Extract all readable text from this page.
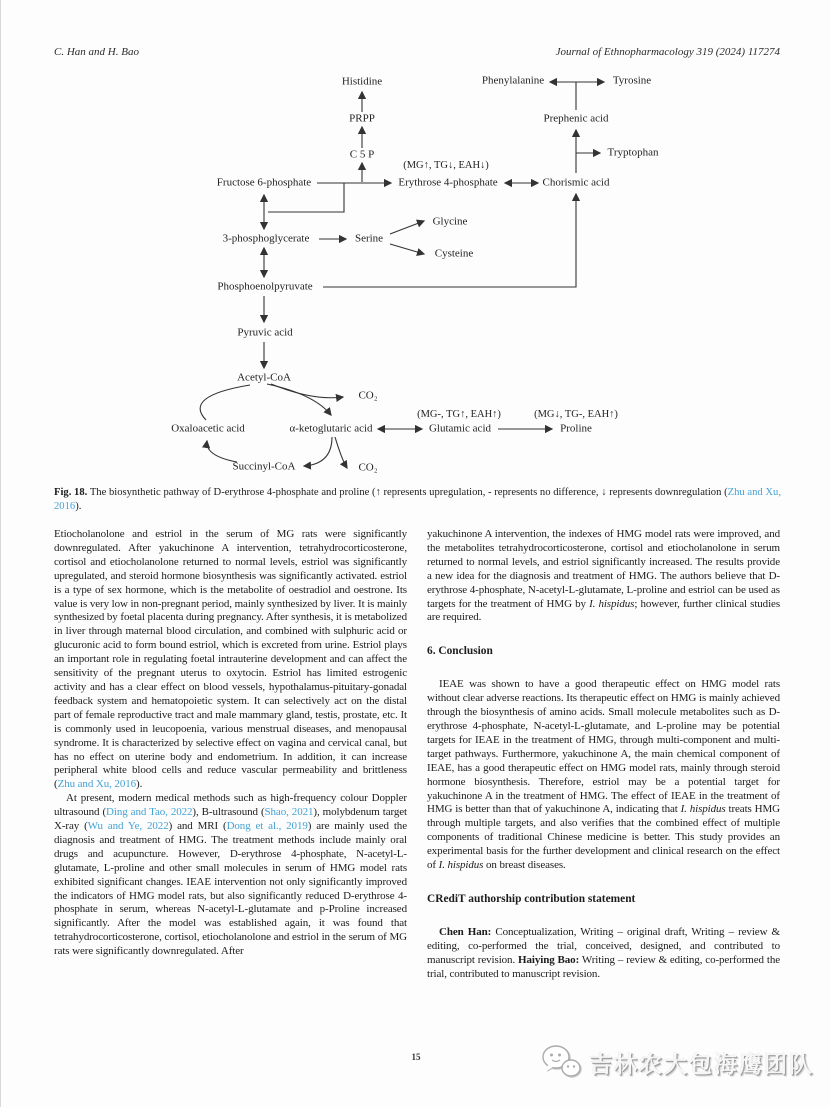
C. Han and H. Bao	Journal of Ethnopharmacology 319 (2024) 117274
Histidine
PRPP
C 5 P
Phenylalanine	Tyrosine
Prephenic acid
Tryptophan
Fructose 6-phosphate
(MG↑, TG↓, EAH↓)
Erythrose 4-phosphate	Chorismic acid
3-phosphoglycerate	Serine
Glycine
Cysteine
Phosphoenolpyruvate
Pyruvic acid
Acetyl-CoA
CO₂
Oxaloacetic acid	α-ketoglutaric acid
(MG-, TG↑, EAH↑)
Glutamic acid
(MG↓, TG-, EAH↑)
Proline
Succinyl-CoA	CO₂
Fig. 18. The biosynthetic pathway of D-erythrose 4-phosphate and proline (↑ represents upregulation, - represents no difference, ↓ represents downregulation (Zhu and Xu, 2016).

Etiocholanolone and estriol in the serum of MG rats were significantly downregulated. After yakuchinone A intervention, tetrahydrocorticosterone, cortisol and etiocholanolone returned to normal levels, estriol was significantly upregulated, and steroid hormone biosynthesis was significantly activated. estriol is a type of sex hormone, which is the metabolite of oestradiol and oestrone. Its value is very low in non-pregnant period, mainly synthesized by liver. It is mainly synthesized by foetal placenta during pregnancy. After synthesis, it is metabolized in liver through maternal blood circulation, and combined with sulphuric acid or glucuronic acid to form bound estriol, which is excreted from urine. Estriol plays an important role in regulating foetal intrauterine development and can affect the sensitivity of the pregnant uterus to oxytocin. Estriol has limited estrogenic activity and has a clear effect on blood vessels, hypothalamus-pituitary-gonadal feedback system and hematopoietic system. It can selectively act on the distal part of female reproductive tract and male mammary gland, testis, prostate, etc. It is commonly used in leucopoenia, various menstrual diseases, and menopausal syndrome. It is characterized by selective effect on vagina and cervical canal, but has no effect on uterine body and endometrium. In addition, it can increase peripheral white blood cells and reduce vascular permeability and brittleness (Zhu and Xu, 2016).

At present, modern medical methods such as high-frequency colour Doppler ultrasound (Ding and Tao, 2022), B-ultrasound (Shao, 2021), molybdenum target X-ray (Wu and Ye, 2022) and MRI (Dong et al., 2019) are mainly used the diagnosis and treatment of HMG. The treatment methods include mainly oral drugs and acupuncture. However, D-erythrose 4-phosphate, N-acetyl-L-glutamate, L-proline and other small molecules in serum of HMG model rats exhibited significant changes. IEAE intervention not only significantly improved the indicators of HMG model rats, but also significantly reduced D-erythrose 4-phosphate in serum, whereas N-acetyl-L-glutamate and p-Proline increased significantly. After the model was established again, it was found that tetrahydrocorticosterone, cortisol, etiocholanolone and estriol in the serum of MG rats were significantly downregulated. After

yakuchinone A intervention, the indexes of HMG model rats were improved, and the metabolites tetrahydrocorticosterone, cortisol and etiocholanolone in serum returned to normal levels, and estriol significantly increased. The results provide a new idea for the diagnosis and treatment of HMG. The authors believe that D-erythrose 4-phosphate, N-acetyl-L-glutamate, L-proline and estriol can be used as targets for the treatment of HMG by I. hispidus; however, further clinical studies are required.

6. Conclusion

IEAE was shown to have a good therapeutic effect on HMG model rats without clear adverse reactions. Its therapeutic effect on HMG is mainly achieved through the biosynthesis of amino acids. Small molecule metabolites such as D-erythrose 4-phosphate, N-acetyl-L-glutamate, and L-proline may be potential targets for IEAE in the treatment of HMG, through multi-component and multi-target pathways. Furthermore, yakuchinone A, the main chemical component of IEAE, has a good therapeutic effect on HMG model rats, mainly through steroid hormone biosynthesis. Therefore, estriol may be a potential target for yakuchinone A in the treatment of HMG. The effect of IEAE in the treatment of HMG is better than that of yakuchinone A, indicating that I. hispidus treats HMG through multiple targets, and also verifies that the combined effect of multiple components of traditional Chinese medicine is better. This study provides an experimental basis for the further development and clinical research on the effect of I. hispidus on breast diseases.

CRediT authorship contribution statement

Chen Han: Conceptualization, Writing – original draft, Writing – review & editing, co-performed the trial, conceived, designed, and contributed to manuscript revision. Haiying Bao: Writing – review & editing, co-performed the trial, contributed to manuscript revision.

15	吉林农大包海鹰团队
